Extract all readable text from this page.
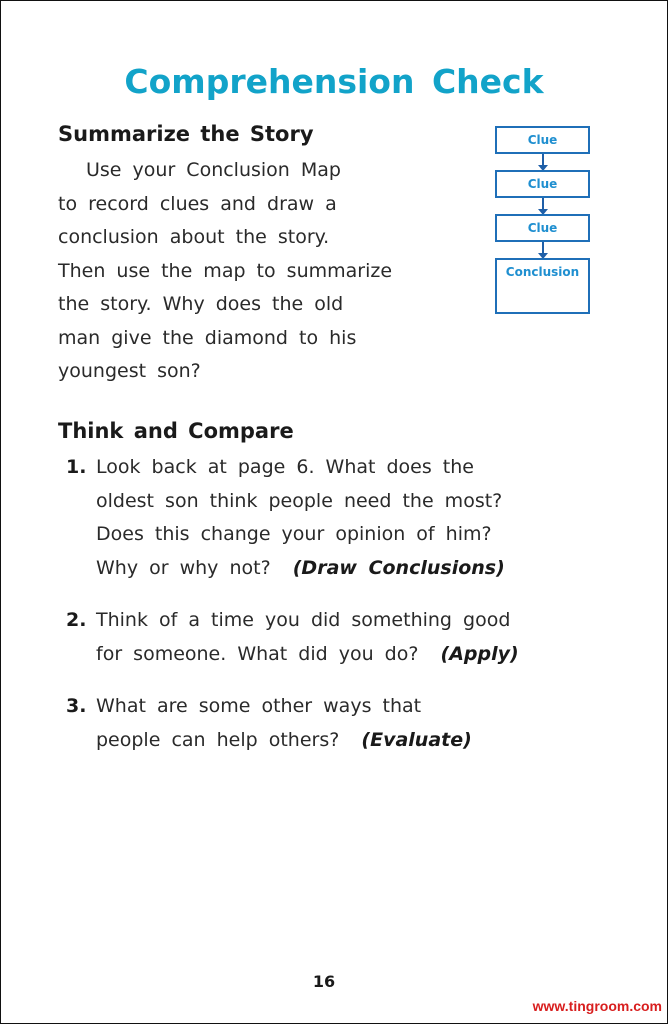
Comprehension Check
Summarize the Story
Use your Conclusion Map
to record clues and draw a
conclusion about the story.
Then use the map to summarize
the story. Why does the old
man give the diamond to his
youngest son?
Clue
Clue
Clue
Conclusion
Think and Compare
1. Look back at page 6. What does the
oldest son think people need the most?
Does this change your opinion of him?
Why or why not? (Draw Conclusions)
2. Think of a time you did something good
for someone. What did you do? (Apply)
3. What are some other ways that
people can help others? (Evaluate)
16
www.tingroom.com
